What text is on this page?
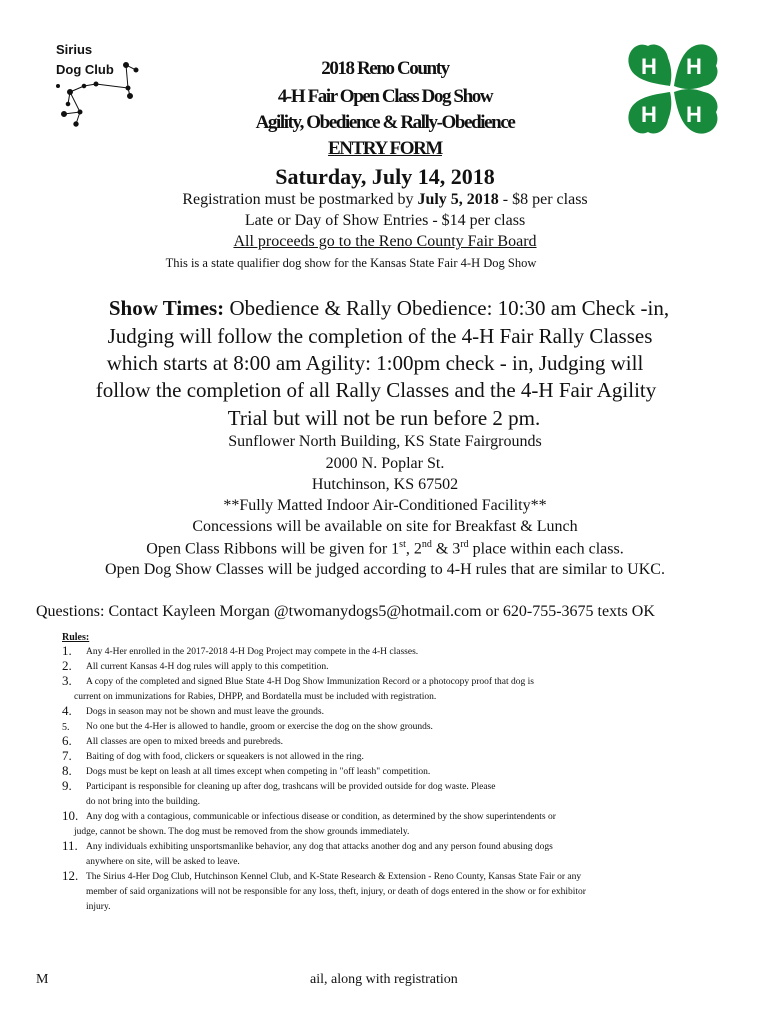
Sirius
Dog Club	H H
H H
2018 Reno County
4-H Fair Open Class Dog Show
Agility, Obedience & Rally-Obedience
ENTRY FORM
Saturday, July 14, 2018
Registration must be postmarked by July 5, 2018 - $8 per class
Late or Day of Show Entries - $14 per class
All proceeds go to the Reno County Fair Board
This is a state qualifier dog show for the Kansas State Fair 4-H Dog Show
Show Times: Obedience & Rally Obedience: 10:30 am Check -in,
Judging will follow the completion of the 4-H Fair Rally Classes
which starts at 8:00 am Agility: 1:00pm check - in, Judging will
follow the completion of all Rally Classes and the 4-H Fair Agility
Trial but will not be run before 2 pm.
Sunflower North Building, KS State Fairgrounds
2000 N. Poplar St.
Hutchinson, KS 67502
**Fully Matted Indoor Air-Conditioned Facility**
Concessions will be available on site for Breakfast & Lunch
Open Class Ribbons will be given for 1st, 2nd & 3rd place within each class.
Open Dog Show Classes will be judged according to 4-H rules that are similar to UKC.
Questions: Contact Kayleen Morgan @twomanydogs5@hotmail.com or 620-755-3675 texts OK
Rules:
1. Any 4-Her enrolled in the 2017-2018 4-H Dog Project may compete in the 4-H classes.
2. All current Kansas 4-H dog rules will apply to this competition.
3. A copy of the completed and signed Blue State 4-H Dog Show Immunization Record or a photocopy proof that dog is
current on immunizations for Rabies, DHPP, and Bordatella must be included with registration.
4. Dogs in season may not be shown and must leave the grounds.
5. No one but the 4-Her is allowed to handle, groom or exercise the dog on the show grounds.
6. All classes are open to mixed breeds and purebreds.
7. Baiting of dog with food, clickers or squeakers is not allowed in the ring.
8. Dogs must be kept on leash at all times except when competing in "off leash" competition.
9. Participant is responsible for cleaning up after dog, trashcans will be provided outside for dog waste. Please
do not bring into the building.
10. Any dog with a contagious, communicable or infectious disease or condition, as determined by the show superintendents or
judge, cannot be shown. The dog must be removed from the show grounds immediately.
11. Any individuals exhibiting unsportsmanlike behavior, any dog that attacks another dog and any person found abusing dogs
anywhere on site, will be asked to leave.
12. The Sirius 4-Her Dog Club, Hutchinson Kennel Club, and K-State Research & Extension - Reno County, Kansas State Fair or any
member of said organizations will not be responsible for any loss, theft, injury, or death of dogs entered in the show or for exhibitor
injury.
M	ail, along with registration
